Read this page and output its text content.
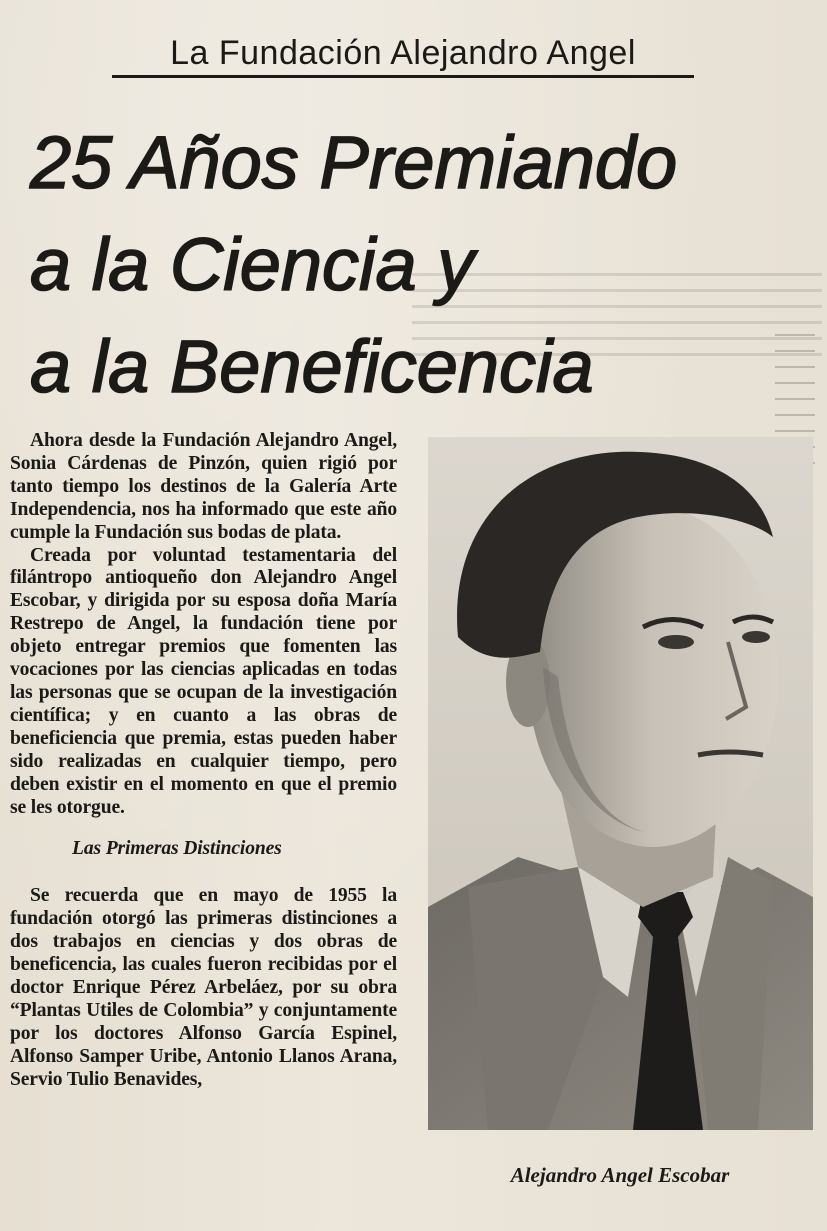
La Fundación Alejandro Angel
25 Años Premiando
a la Ciencia y
a la Beneficencia

Ahora desde la Fundación Alejandro Angel, Sonia Cárdenas de Pinzón, quien rigió por tanto tiempo los destinos de la Galería Arte Independencia, nos ha informado que este año cumple la Fundación sus bodas de plata.

Creada por voluntad testamentaria del filántropo antioqueño don Alejandro Angel Escobar, y dirigida por su esposa doña María Restrepo de Angel, la fundación tiene por objeto entregar premios que fomenten las vocaciones por las ciencias aplicadas en todas las personas que se ocupan de la investigación científica; y en cuanto a las obras de beneficiencia que premia, estas pueden haber sido realizadas en cualquier tiempo, pero deben existir en el momento en que el premio se les otorgue.

Las Primeras Distinciones

Se recuerda que en mayo de 1955 la fundación otorgó las primeras distinciones a dos trabajos en ciencias y dos obras de beneficencia, las cuales fueron recibidas por el doctor Enrique Pérez Arbeláez, por su obra “Plantas Utiles de Colombia” y conjuntamente por los doctores Alfonso García Espinel, Alfonso Samper Uribe, Antonio Llanos Arana, Servio Tulio Benavides,

Alejandro Angel Escobar
